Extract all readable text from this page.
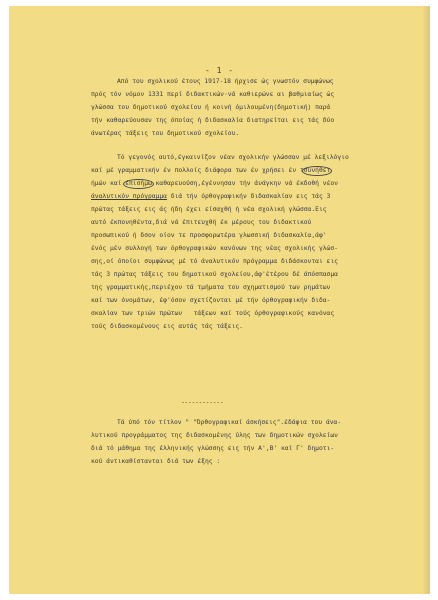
- 1 -
Από του σχολικού έτους 1917-18 ήρχισε ώς γνωστόν συμφώνως
πρός τόν νόμον 1331 περί διδακτικών·νά καθιερώνε αι βαθμιαίως ώς
γλώσσα του δημοτικού σχολείου ή κοινή όμιλουμένη(δημοτική) παρά
τήν καθαρεύουσαν της όποίας ή διδασκαλία διατηρείται εις τάς δύο
άνωτέρας τάξεις του δημοτικού σχολείου.
Τό γεγονός αυτό,έγκαινίζον νέαν σχολικήν γλώσσαν μέ λεξιλόγιο
καί μέ γραμματικήν έν πολλοίς διάφορα των έν χρήσει έν τσυνήθει
ήμών καί έπισήμω καθαρευούση,έγέννησαν τήν άνάγκην νά έκδοθή νέον
άναλυτικόν πρόγραμμα διά τήν όρθογραφικήν διδασκαλίαν εις τάς 3
πρώτας τάξεις εις άς ήδη έχει είσαχθή ή νέα σχολική γλώσσα.Εις
αυτό έκπονηθέντα,διά νά έπιτευχθή έκ μέρους του διδακτικού
προσωπικού ή δσον οίον τε προσφορωτέρα γλωσσική διδασκαλία,άφ'
ένός μέν συλλογή των όρθογραφικών κανόνων της νέας σχολικής γλώσ-
σης,οί όποίοι συμφώνως μέ τό άναλυτικόν πρόγραμμα διδάσκονται εις
τάς 3 πρώτας τάξεις του δημοτικού σχολείου,άφ'έτέρου δέ άπόσπασμα
της γραμματικής,περιέχον τά τμήματα του σχηματισμού των ρημάτων
καί των όνομάτων, έφ'όσον σχετίζονται μέ τήν όρθογραφικήν διδα-
σκαλίαν των τριών πρώτων   τάξεων καί τούς όρθογραφικούς κανόνας
τούς διδασκομένους εις αυτάς τάς τάξεις.
------------
Τά ύπό τόν τίτλον " "Όρθογραφικαί άσκήσεις".έδάφια του άνα-
λυτικού προγράμματος της διδασκομένης ύλης των δημοτικών σχολείων
διά τό μάθημα της έλληνικής γλώσσης εις τήν Α',Β' καί Γ' δημοτι-
κού άντικαθίστανται διά των έξης :
